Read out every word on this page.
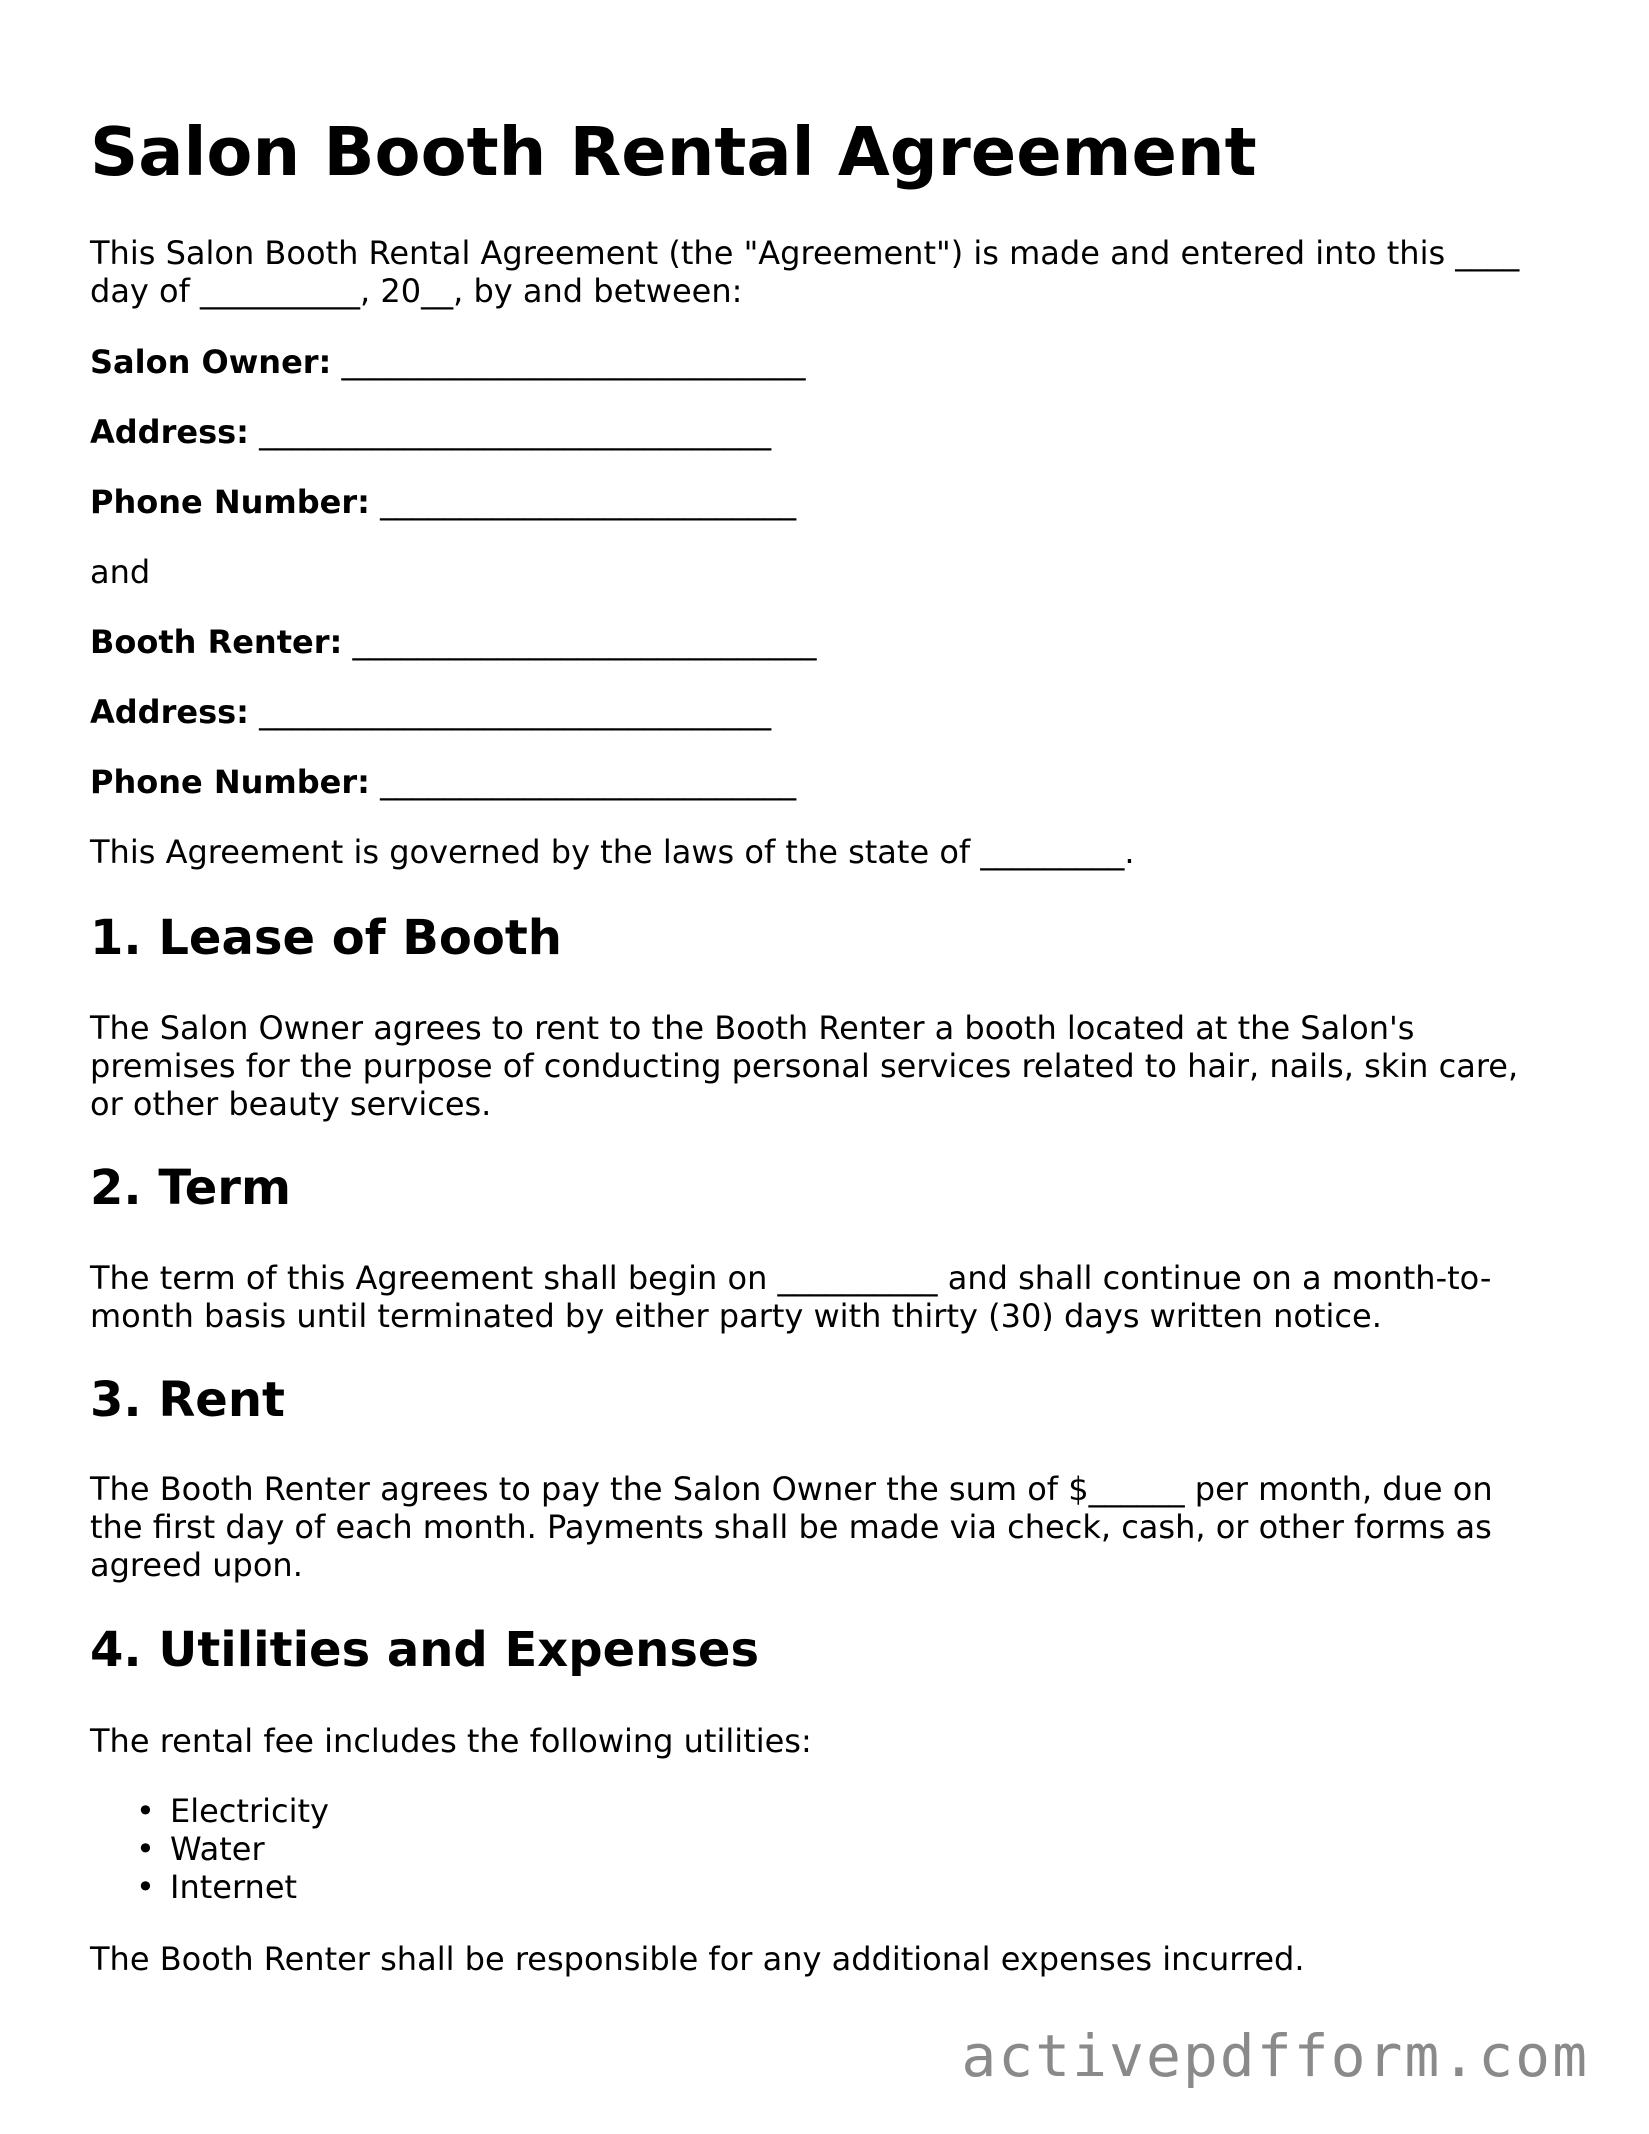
Salon Booth Rental Agreement

This Salon Booth Rental Agreement (the "Agreement") is made and entered into this ____
day of __________, 20__, by and between:

Salon Owner: _____________________________

Address: ________________________________

Phone Number: __________________________

and

Booth Renter: _____________________________

Address: ________________________________

Phone Number: __________________________

This Agreement is governed by the laws of the state of _________.

1. Lease of Booth

The Salon Owner agrees to rent to the Booth Renter a booth located at the Salon's
premises for the purpose of conducting personal services related to hair, nails, skin care,
or other beauty services.

2. Term

The term of this Agreement shall begin on __________ and shall continue on a month-to-
month basis until terminated by either party with thirty (30) days written notice.

3. Rent

The Booth Renter agrees to pay the Salon Owner the sum of $______ per month, due on
the first day of each month. Payments shall be made via check, cash, or other forms as
agreed upon.

4. Utilities and Expenses

The rental fee includes the following utilities:

• Electricity
• Water
• Internet

The Booth Renter shall be responsible for any additional expenses incurred.

activepdfform.com
